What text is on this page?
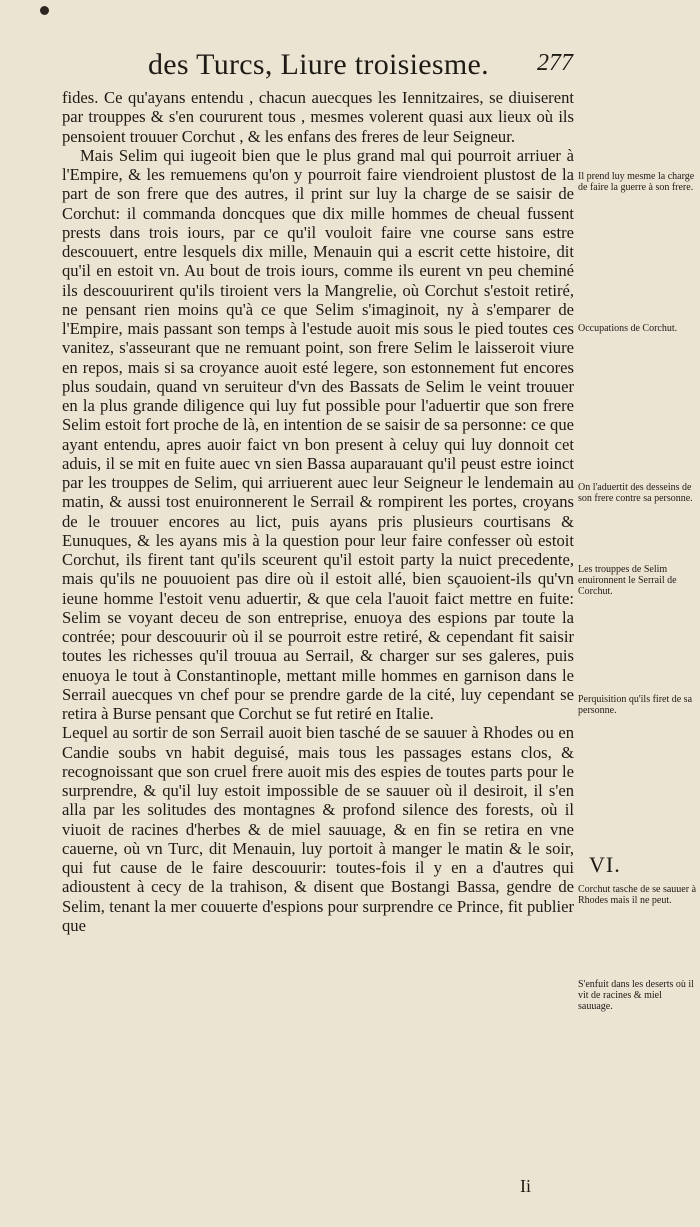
des Turcs, Liure troisiesme. 277

fides. Ce qu'ayans entendu , chacun auecques les Iennitzaires, se diuiserent par trouppes & s'en coururent tous , mesmes volerent quasi aux lieux où ils pensoient trouuer Corchut , & les enfans des freres de leur Seigneur.

Mais Selim qui iugeoit bien que le plus grand mal qui pourroit arriuer à l'Empire, & les remuemens qu'on y pourroit faire viendroient plustost de la part de son frere que des autres, il print sur luy la charge de se saisir de Corchut: il commanda doncques que dix mille hommes de cheual fussent prests dans trois iours, par ce qu'il vouloit faire vne course sans estre descouuert, entre lesquels dix mille, Menauin qui a escrit cette histoire, dit qu'il en estoit vn. Au bout de trois iours, comme ils eurent vn peu cheminé ils descouurirent qu'ils tiroient vers la Mangrelie, où Corchut s'estoit retiré, ne pensant rien moins qu'à ce que Selim s'imaginoit, ny à s'emparer de l'Empire, mais passant son temps à l'estude auoit mis sous le pied toutes ces vanitez, s'asseurant que ne remuant point, son frere Selim le laisseroit viure en repos, mais si sa croyance auoit esté legere, son estonnement fut encores plus soudain, quand vn seruiteur d'vn des Bassats de Selim le veint trouuer en la plus grande diligence qui luy fut possible pour l'aduertir que son frere Selim estoit fort proche de là, en intention de se saisir de sa personne: ce que ayant entendu, apres auoir faict vn bon present à celuy qui luy donnoit cet aduis, il se mit en fuite auec vn sien Bassa auparauant qu'il peust estre ioinct par les trouppes de Selim, qui arriuerent auec leur Seigneur le lendemain au matin, & aussi tost enuironnerent le Serrail & rompirent les portes, croyans de le trouuer encores au lict, puis ayans pris plusieurs courtisans & Eunuques, & les ayans mis à la question pour leur faire confesser où estoit Corchut, ils firent tant qu'ils sceurent qu'il estoit party la nuict precedente, mais qu'ils ne pouuoient pas dire où il estoit allé, bien sçauoient-ils qu'vn ieune homme l'estoit venu aduertir, & que cela l'auoit faict mettre en fuite: Selim se voyant deceu de son entreprise, enuoya des espions par toute la contrée; pour descouurir où il se pourroit estre retiré, & cependant fit saisir toutes les richesses qu'il trouua au Serrail, & charger sur ses galeres, puis enuoya le tout à Constantinople, mettant mille hommes en garnison dans le Serrail auecques vn chef pour se prendre garde de la cité, luy cependant se retira à Burse pensant que Corchut se fut retiré en Italie.

Lequel au sortir de son Serrail auoit bien tasché de se sauuer à Rhodes ou en Candie soubs vn habit deguisé, mais tous les passages estans clos, & recognoissant que son cruel frere auoit mis des espies de toutes parts pour le surprendre, & qu'il luy estoit impossible de se sauuer où il desiroit, il s'en alla par les solitudes des montagnes & profond silence des forests, où il viuoit de racines d'herbes & de miel sauuage, & en fin se retira en vne cauerne, où vn Turc, dit Menauin, luy portoit à manger le matin & le soir, qui fut cause de le faire descouurir: toutes-fois il y en a d'autres qui adioustent à cecy de la trahison, & disent que Bostangi Bassa, gendre de Selim, tenant la mer couuerte d'espions pour surprendre ce Prince, fit publier que

Il prend luy mesme la charge de faire la guerre à son frere.
Occupations de Corchut.
On l'aduertit des desseins de son frere contre sa personne.
Les trouppes de Selim enuironnent le Serrail de Corchut.
Perquisition qu'ils firet de sa personne.
Corchut tasche de se sauuer à Rhodes mais il ne peut.
S'enfuit dans les deserts où il vit de racines & miel sauuage.
VI.
Ii
